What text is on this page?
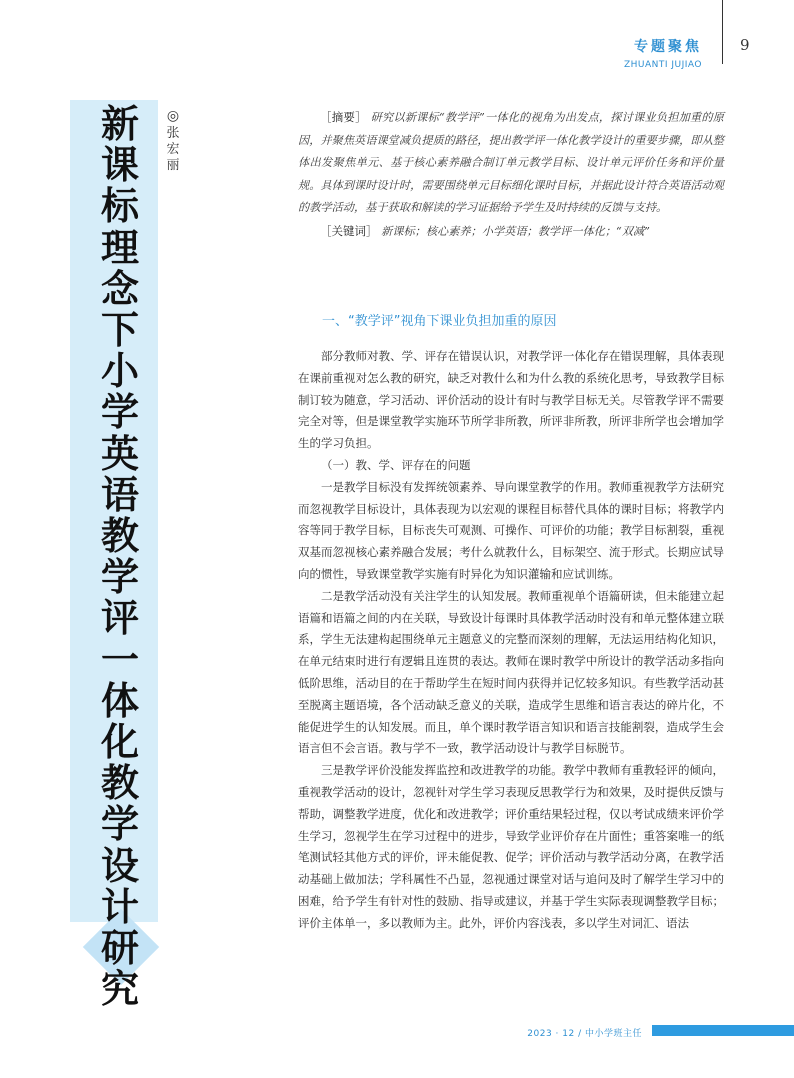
专题聚焦
ZHUANTI JUJIAO
9
新课标理念下小学英语教学评一体化教学设计研究
◎
张宏丽

［摘要］ 研究以新课标“教学评”一体化的视角为出发点，探讨课业负担加重的原因，并聚焦英语课堂减负提质的路径，提出教学评一体化教学设计的重要步骤，即从整体出发聚焦单元、基于核心素养融合制订单元教学目标、设计单元评价任务和评价量规。具体到课时设计时，需要围绕单元目标细化课时目标，并据此设计符合英语活动观的教学活动，基于获取和解读的学习证据给予学生及时持续的反馈与支持。

［关键词］ 新课标；核心素养；小学英语；教学评一体化；“双减”

一、“教学评”视角下课业负担加重的原因

部分教师对教、学、评存在错误认识，对教学评一体化存在错误理解，具体表现在课前重视对怎么教的研究，缺乏对教什么和为什么教的系统化思考，导致教学目标制订较为随意，学习活动、评价活动的设计有时与教学目标无关。尽管教学评不需要完全对等，但是课堂教学实施环节所学非所教，所评非所教，所评非所学也会增加学生的学习负担。

（一）教、学、评存在的问题

一是教学目标没有发挥统领素养、导向课堂教学的作用。教师重视教学方法研究而忽视教学目标设计，具体表现为以宏观的课程目标替代具体的课时目标；将教学内容等同于教学目标，目标丧失可观测、可操作、可评价的功能；教学目标割裂，重视双基而忽视核心素养融合发展；考什么就教什么，目标架空、流于形式。长期应试导向的惯性，导致课堂教学实施有时异化为知识灌输和应试训练。

二是教学活动没有关注学生的认知发展。教师重视单个语篇研读，但未能建立起语篇和语篇之间的内在关联，导致设计每课时具体教学活动时没有和单元整体建立联系，学生无法建构起围绕单元主题意义的完整而深刻的理解，无法运用结构化知识，在单元结束时进行有逻辑且连贯的表达。教师在课时教学中所设计的教学活动多指向低阶思维，活动目的在于帮助学生在短时间内获得并记忆较多知识。有些教学活动甚至脱离主题语境，各个活动缺乏意义的关联，造成学生思维和语言表达的碎片化，不能促进学生的认知发展。而且，单个课时教学语言知识和语言技能割裂，造成学生会语言但不会言语。教与学不一致，教学活动设计与教学目标脱节。

三是教学评价没能发挥监控和改进教学的功能。教学中教师有重教轻评的倾向，重视教学活动的设计，忽视针对学生学习表现反思教学行为和效果，及时提供反馈与帮助，调整教学进度，优化和改进教学；评价重结果轻过程，仅以考试成绩来评价学生学习，忽视学生在学习过程中的进步，导致学业评价存在片面性；重答案唯一的纸笔测试轻其他方式的评价，评未能促教、促学；评价活动与教学活动分离，在教学活动基础上做加法；学科属性不凸显，忽视通过课堂对话与追问及时了解学生学习中的困难，给予学生有针对性的鼓励、指导或建议，并基于学生实际表现调整教学目标；评价主体单一，多以教师为主。此外，评价内容浅表，多以学生对词汇、语法

2023 · 12 / 中小学班主任
